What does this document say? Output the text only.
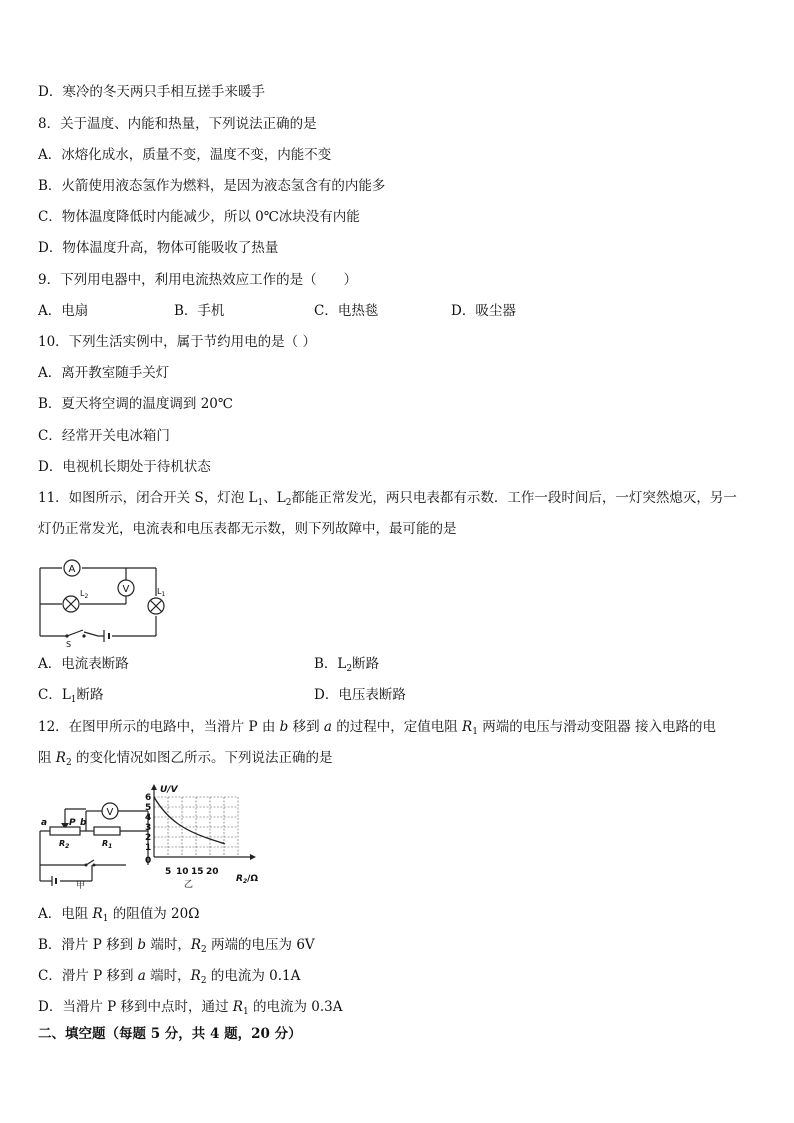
D．寒冷的冬天两只手相互搓手来暖手
8．关于温度、内能和热量，下列说法正确的是
A．冰熔化成水，质量不变，温度不变，内能不变
B．火箭使用液态氢作为燃料，是因为液态氢含有的内能多
C．物体温度降低时内能减少，所以 0℃冰块没有内能
D．物体温度升高，物体可能吸收了热量
9．下列用电器中，利用电流热效应工作的是（　　）
A．电扇	B．手机	C．电热毯	D．吸尘器
10．下列生活实例中，属于节约用电的是（ ）
A．离开教室随手关灯
B．夏天将空调的温度调到 20℃
C．经常开关电冰箱门
D．电视机长期处于待机状态
11．如图所示，闭合开关 S，灯泡 $L_1$、$L_2$都能正常发光，两只电表都有示数．工作一段时间后，一灯突然熄灭，另一
灯仍正常发光，电流表和电压表都无示数，则下列故障中，最可能的是
A
V
$L_2$
$L_1$
S
A．电流表断路	B．$L_2$断路
C．$L_1$断路	D．电压表断路
12．在图甲所示的电路中，当滑片 P 由 b 移到 a 的过程中，定值电阻 $R_1$ 两端的电压与滑动变阻器 接入电路的电
阻 $R_2$ 的变化情况如图乙所示。下列说法正确的是
V
a P b
$R_2$	$R_1$
甲
6
5
4
3
2
1
0
5 10 15 20
U/V
$R_2/\Omega$
乙
A．电阻 $R_1$ 的阻值为 20Ω
B．滑片 P 移到 b 端时，$R_2$ 两端的电压为 6V
C．滑片 P 移到 a 端时，$R_2$ 的电流为 0.1A
D．当滑片 P 移到中点时，通过 $R_1$ 的电流为 0.3A
二、填空题（每题 5 分，共 4 题，20 分）
